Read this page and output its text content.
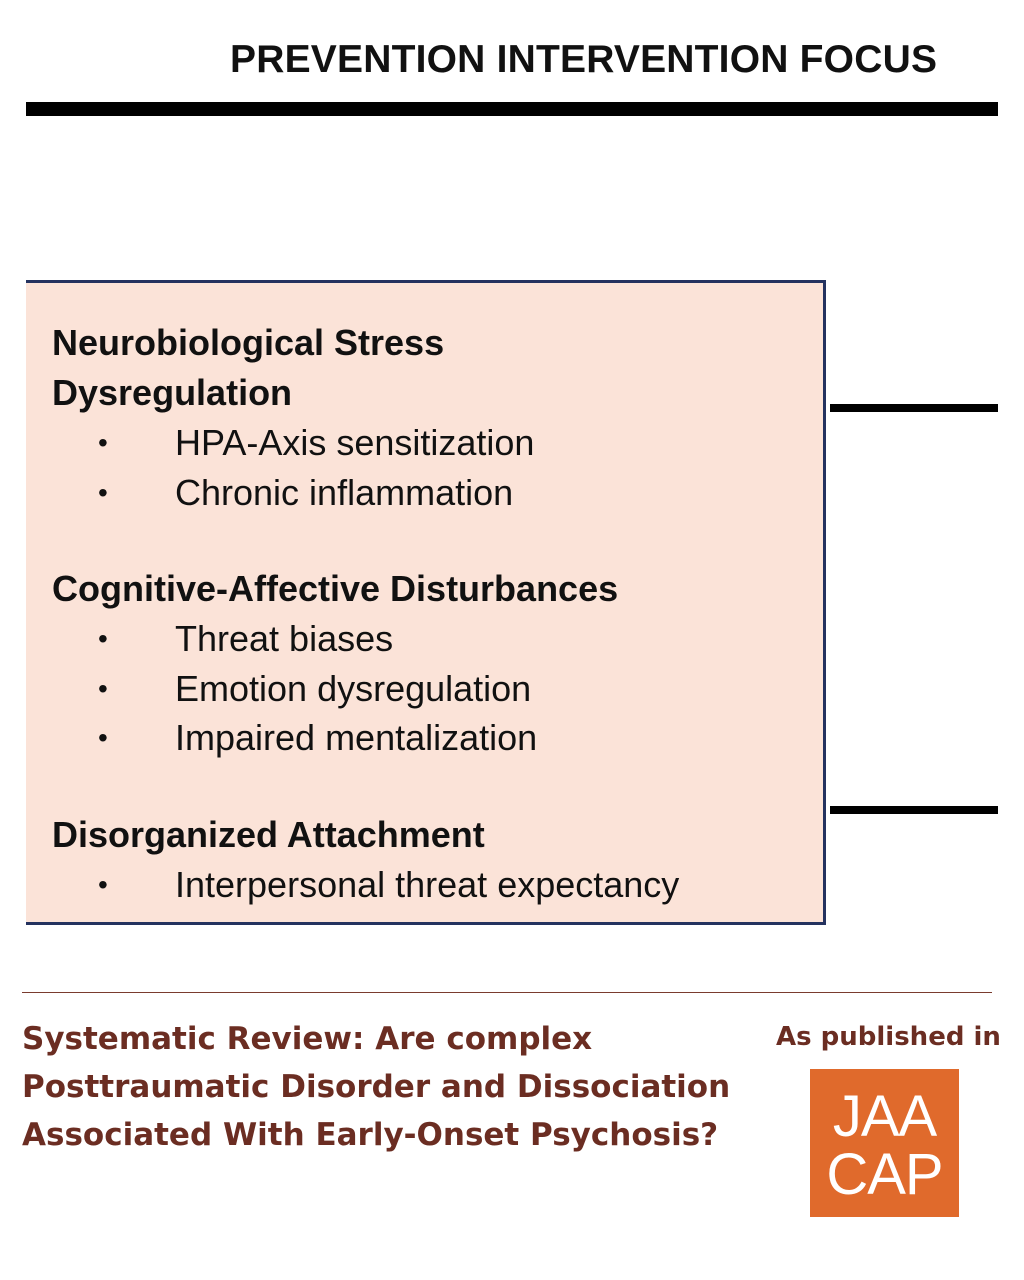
PREVENTION INTERVENTION FOCUS

Neurobiological Stress
Dysregulation

• HPA-Axis sensitization
• Chronic inflammation

Cognitive-Affective Disturbances

• Threat biases
• Emotion dysregulation
• Impaired mentalization

Disorganized Attachment

• Interpersonal threat expectancy

Systematic Review: Are complex Posttraumatic Disorder and Dissociation Associated With Early-Onset Psychosis?

As published in
JAA
CAP
